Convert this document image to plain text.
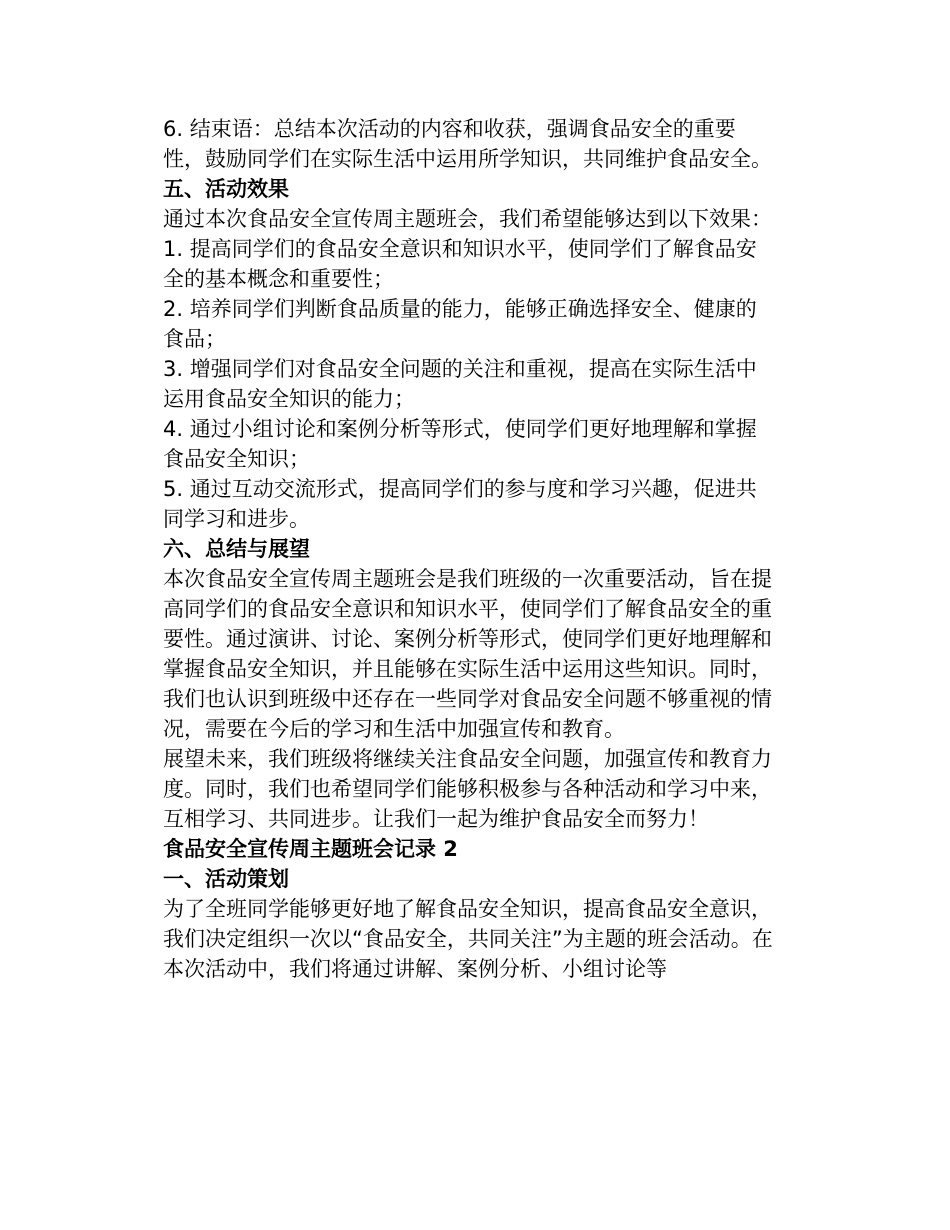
6. 结束语：总结本次活动的内容和收获，强调食品安全的重要性，鼓励同学们在实际生活中运用所学知识，共同维护食品安全。

五、活动效果

通过本次食品安全宣传周主题班会，我们希望能够达到以下效果：

1. 提高同学们的食品安全意识和知识水平，使同学们了解食品安全的基本概念和重要性；

2. 培养同学们判断食品质量的能力，能够正确选择安全、健康的食品；

3. 增强同学们对食品安全问题的关注和重视，提高在实际生活中运用食品安全知识的能力；

4. 通过小组讨论和案例分析等形式，使同学们更好地理解和掌握食品安全知识；

5. 通过互动交流形式，提高同学们的参与度和学习兴趣，促进共同学习和进步。

六、总结与展望

本次食品安全宣传周主题班会是我们班级的一次重要活动，旨在提高同学们的食品安全意识和知识水平，使同学们了解食品安全的重要性。通过演讲、讨论、案例分析等形式，使同学们更好地理解和掌握食品安全知识，并且能够在实际生活中运用这些知识。同时，我们也认识到班级中还存在一些同学对食品安全问题不够重视的情况，需要在今后的学习和生活中加强宣传和教育。

展望未来，我们班级将继续关注食品安全问题，加强宣传和教育力度。同时，我们也希望同学们能够积极参与各种活动和学习中来，互相学习、共同进步。让我们一起为维护食品安全而努力！

食品安全宣传周主题班会记录 2

一、活动策划

为了全班同学能够更好地了解食品安全知识，提高食品安全意识，我们决定组织一次以“食品安全，共同关注”为主题的班会活动。在本次活动中，我们将通过讲解、案例分析、小组讨论等
